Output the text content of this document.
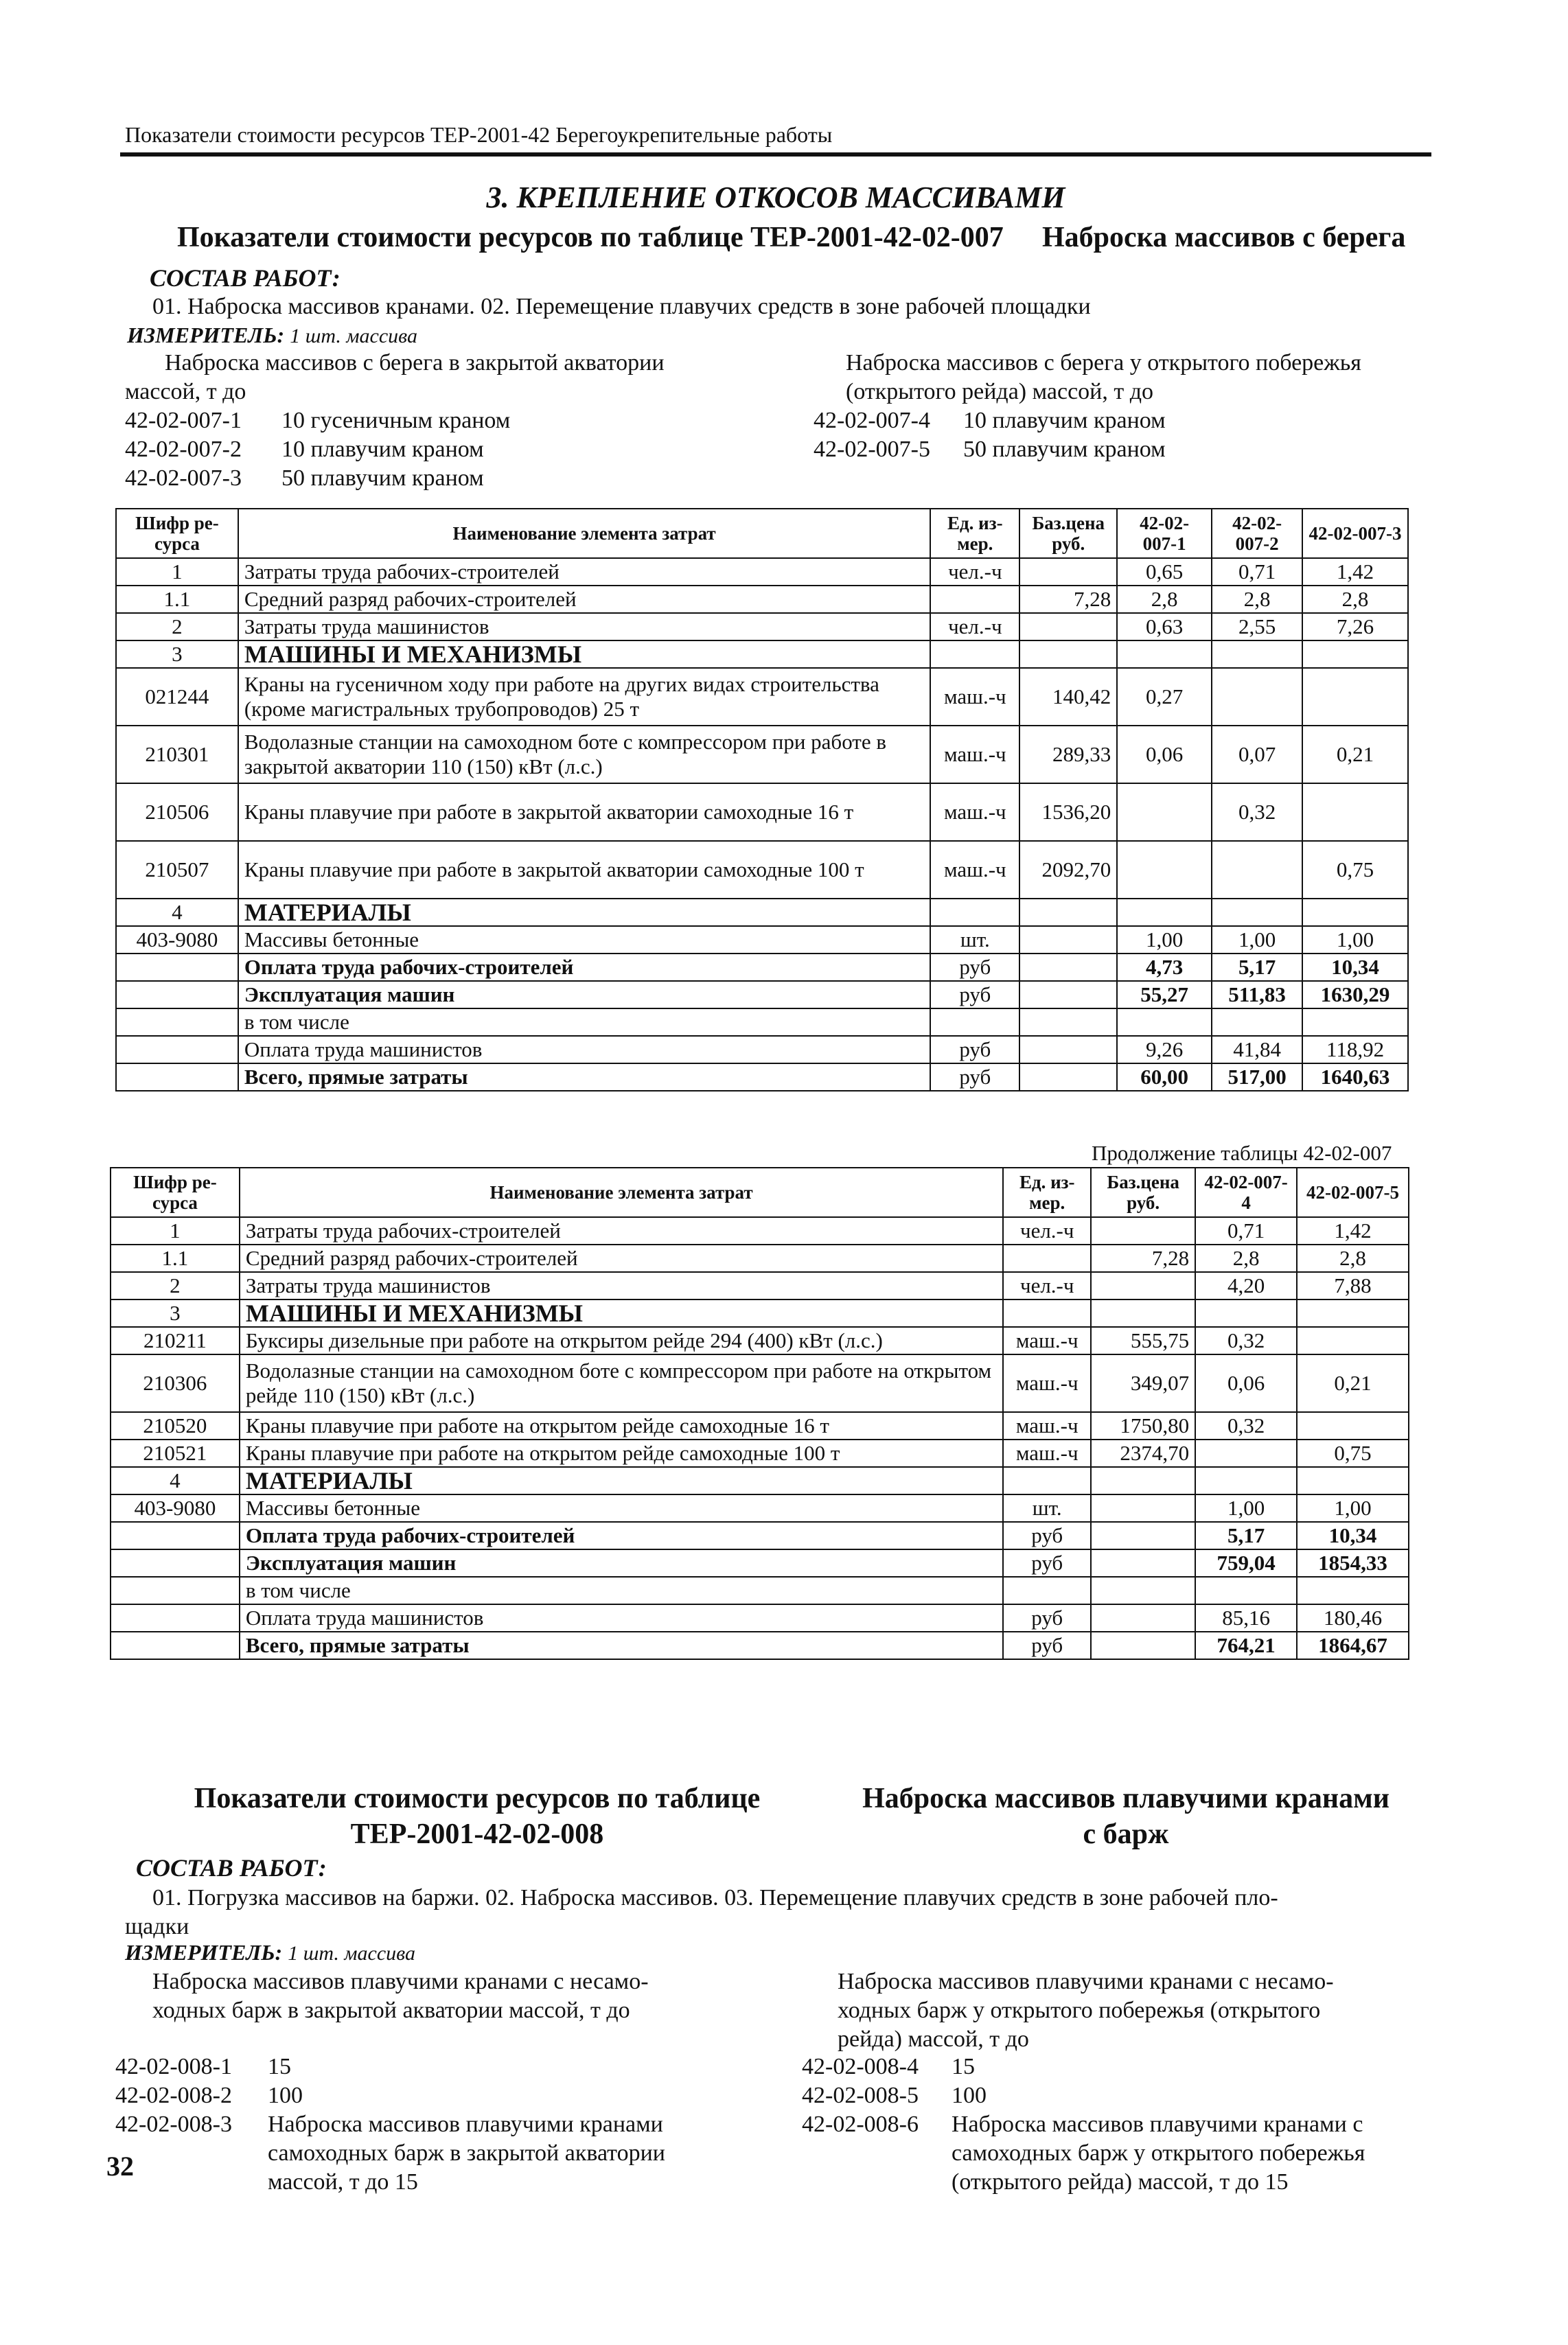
Показатели стоимости ресурсов ТЕР-2001-42 Берегоукрепительные работы
3. КРЕПЛЕНИЕ ОТКОСОВ МАССИВАМИ
Показатели стоимости ресурсов по таблице ТЕР-2001-42-02-007 Наброска массивов с берега
СОСТАВ РАБОТ:
01. Наброска массивов кранами. 02. Перемещение плавучих средств в зоне рабочей площадки
ИЗМЕРИТЕЛЬ: 1 шт. массива
Наброска массивов с берега в закрытой акватории
массой, т до
Наброска массивов с берега у открытого побережья
(открытого рейда) массой, т до
42-02-007-1 10 гусеничным краном
42-02-007-2 10 плавучим краном
42-02-007-3 50 плавучим краном
42-02-007-4 10 плавучим краном
42-02-007-5 50 плавучим краном
Шифр ре-сурса	Наименование элемента затрат	Ед. из-мер.	Баз.цена руб.	42-02-007-1	42-02-007-2	42-02-007-3
1	Затраты труда рабочих-строителей	чел.-ч		0,65	0,71	1,42
1.1	Средний разряд рабочих-строителей		7,28	2,8	2,8	2,8
2	Затраты труда машинистов	чел.-ч		0,63	2,55	7,26
3	МАШИНЫ И МЕХАНИЗМЫ					
021244	Краны на гусеничном ходу при работе на других видах строительства (кроме магистральных трубопроводов) 25 т	маш.-ч	140,42	0,27		
210301	Водолазные станции на самоходном боте с компрессором при работе в закрытой акватории 110 (150) кВт (л.с.)	маш.-ч	289,33	0,06	0,07	0,21
210506	Краны плавучие при работе в закрытой акватории самоходные 16 т	маш.-ч	1536,20		0,32	
210507	Краны плавучие при работе в закрытой акватории самоходные 100 т	маш.-ч	2092,70			0,75
4	МАТЕРИАЛЫ					
403-9080	Массивы бетонные	шт.		1,00	1,00	1,00
	Оплата труда рабочих-строителей	руб		4,73	5,17	10,34
	Эксплуатация машин	руб		55,27	511,83	1630,29
	в том числе					
	Оплата труда машинистов	руб		9,26	41,84	118,92
	Всего, прямые затраты	руб		60,00	517,00	1640,63
Продолжение таблицы 42-02-007
Шифр ре-сурса	Наименование элемента затрат	Ед. из-мер.	Баз.цена руб.	42-02-007-4	42-02-007-5
1	Затраты труда рабочих-строителей	чел.-ч		0,71	1,42
1.1	Средний разряд рабочих-строителей		7,28	2,8	2,8
2	Затраты труда машинистов	чел.-ч		4,20	7,88
3	МАШИНЫ И МЕХАНИЗМЫ				
210211	Буксиры дизельные при работе на открытом рейде 294 (400) кВт (л.с.)	маш.-ч	555,75	0,32	
210306	Водолазные станции на самоходном боте с компрессором при работе на открытом рейде 110 (150) кВт (л.с.)	маш.-ч	349,07	0,06	0,21
210520	Краны плавучие при работе на открытом рейде самоходные 16 т	маш.-ч	1750,80	0,32	
210521	Краны плавучие при работе на открытом рейде самоходные 100 т	маш.-ч	2374,70		0,75
4	МАТЕРИАЛЫ				
403-9080	Массивы бетонные	шт.		1,00	1,00
	Оплата труда рабочих-строителей	руб		5,17	10,34
	Эксплуатация машин	руб		759,04	1854,33
	в том числе				
	Оплата труда машинистов	руб		85,16	180,46
	Всего, прямые затраты	руб		764,21	1864,67
Показатели стоимости ресурсов по таблице
ТЕР-2001-42-02-008
Наброска массивов плавучими кранами
с барж
СОСТАВ РАБОТ:
01. Погрузка массивов на баржи. 02. Наброска массивов. 03. Перемещение плавучих средств в зоне рабочей пло-
щадки
ИЗМЕРИТЕЛЬ: 1 шт. массива
Наброска массивов плавучими кранами с несамо-
ходных барж в закрытой акватории массой, т до
Наброска массивов плавучими кранами с несамо-
ходных барж у открытого побережья (открытого
рейда) массой, т до
42-02-008-1 15
42-02-008-2 100
42-02-008-3 Наброска массивов плавучими кранами
самоходных барж в закрытой акватории
массой, т до 15
42-02-008-4 15
42-02-008-5 100
42-02-008-6 Наброска массивов плавучими кранами с
самоходных барж у открытого побережья
(открытого рейда) массой, т до 15
32
